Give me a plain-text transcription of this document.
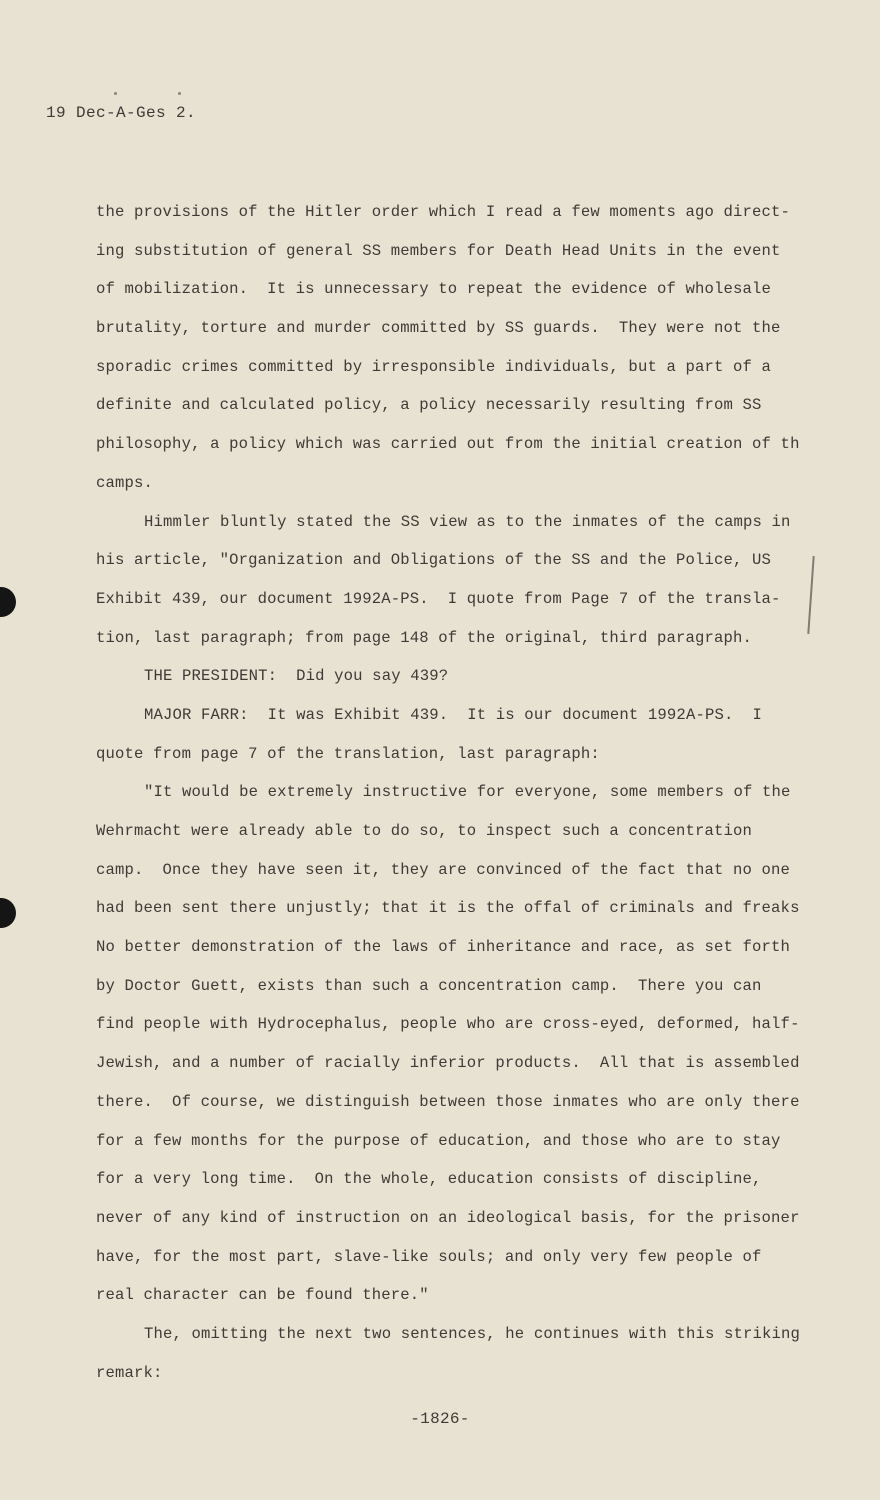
19 Dec-A-Ges 2.
the provisions of the Hitler order which I read a few moments ago direct-
ing substitution of general SS members for Death Head Units in the event
of mobilization.  It is unnecessary to repeat the evidence of wholesale
brutality, torture and murder committed by SS guards.  They were not the
sporadic crimes committed by irresponsible individuals, but a part of a
definite and calculated policy, a policy necessarily resulting from SS
philosophy, a policy which was carried out from the initial creation of th
camps.
Himmler bluntly stated the SS view as to the inmates of the camps in
his article, "Organization and Obligations of the SS and the Police, US
Exhibit 439, our document 1992A-PS.  I quote from Page 7 of the transla-
tion, last paragraph; from page 148 of the original, third paragraph.
THE PRESIDENT:  Did you say 439?
MAJOR FARR:  It was Exhibit 439.  It is our document 1992A-PS.  I
quote from page 7 of the translation, last paragraph:
"It would be extremely instructive for everyone, some members of the
Wehrmacht were already able to do so, to inspect such a concentration
camp.  Once they have seen it, they are convinced of the fact that no one
had been sent there unjustly; that it is the offal of criminals and freaks
No better demonstration of the laws of inheritance and race, as set forth
by Doctor Guett, exists than such a concentration camp.  There you can
find people with Hydrocephalus, people who are cross-eyed, deformed, half-
Jewish, and a number of racially inferior products.  All that is assembled
there.  Of course, we distinguish between those inmates who are only there
for a few months for the purpose of education, and those who are to stay
for a very long time.  On the whole, education consists of discipline,
never of any kind of instruction on an ideological basis, for the prisoner
have, for the most part, slave-like souls; and only very few people of
real character can be found there."
The, omitting the next two sentences, he continues with this striking
remark:
-1826-
